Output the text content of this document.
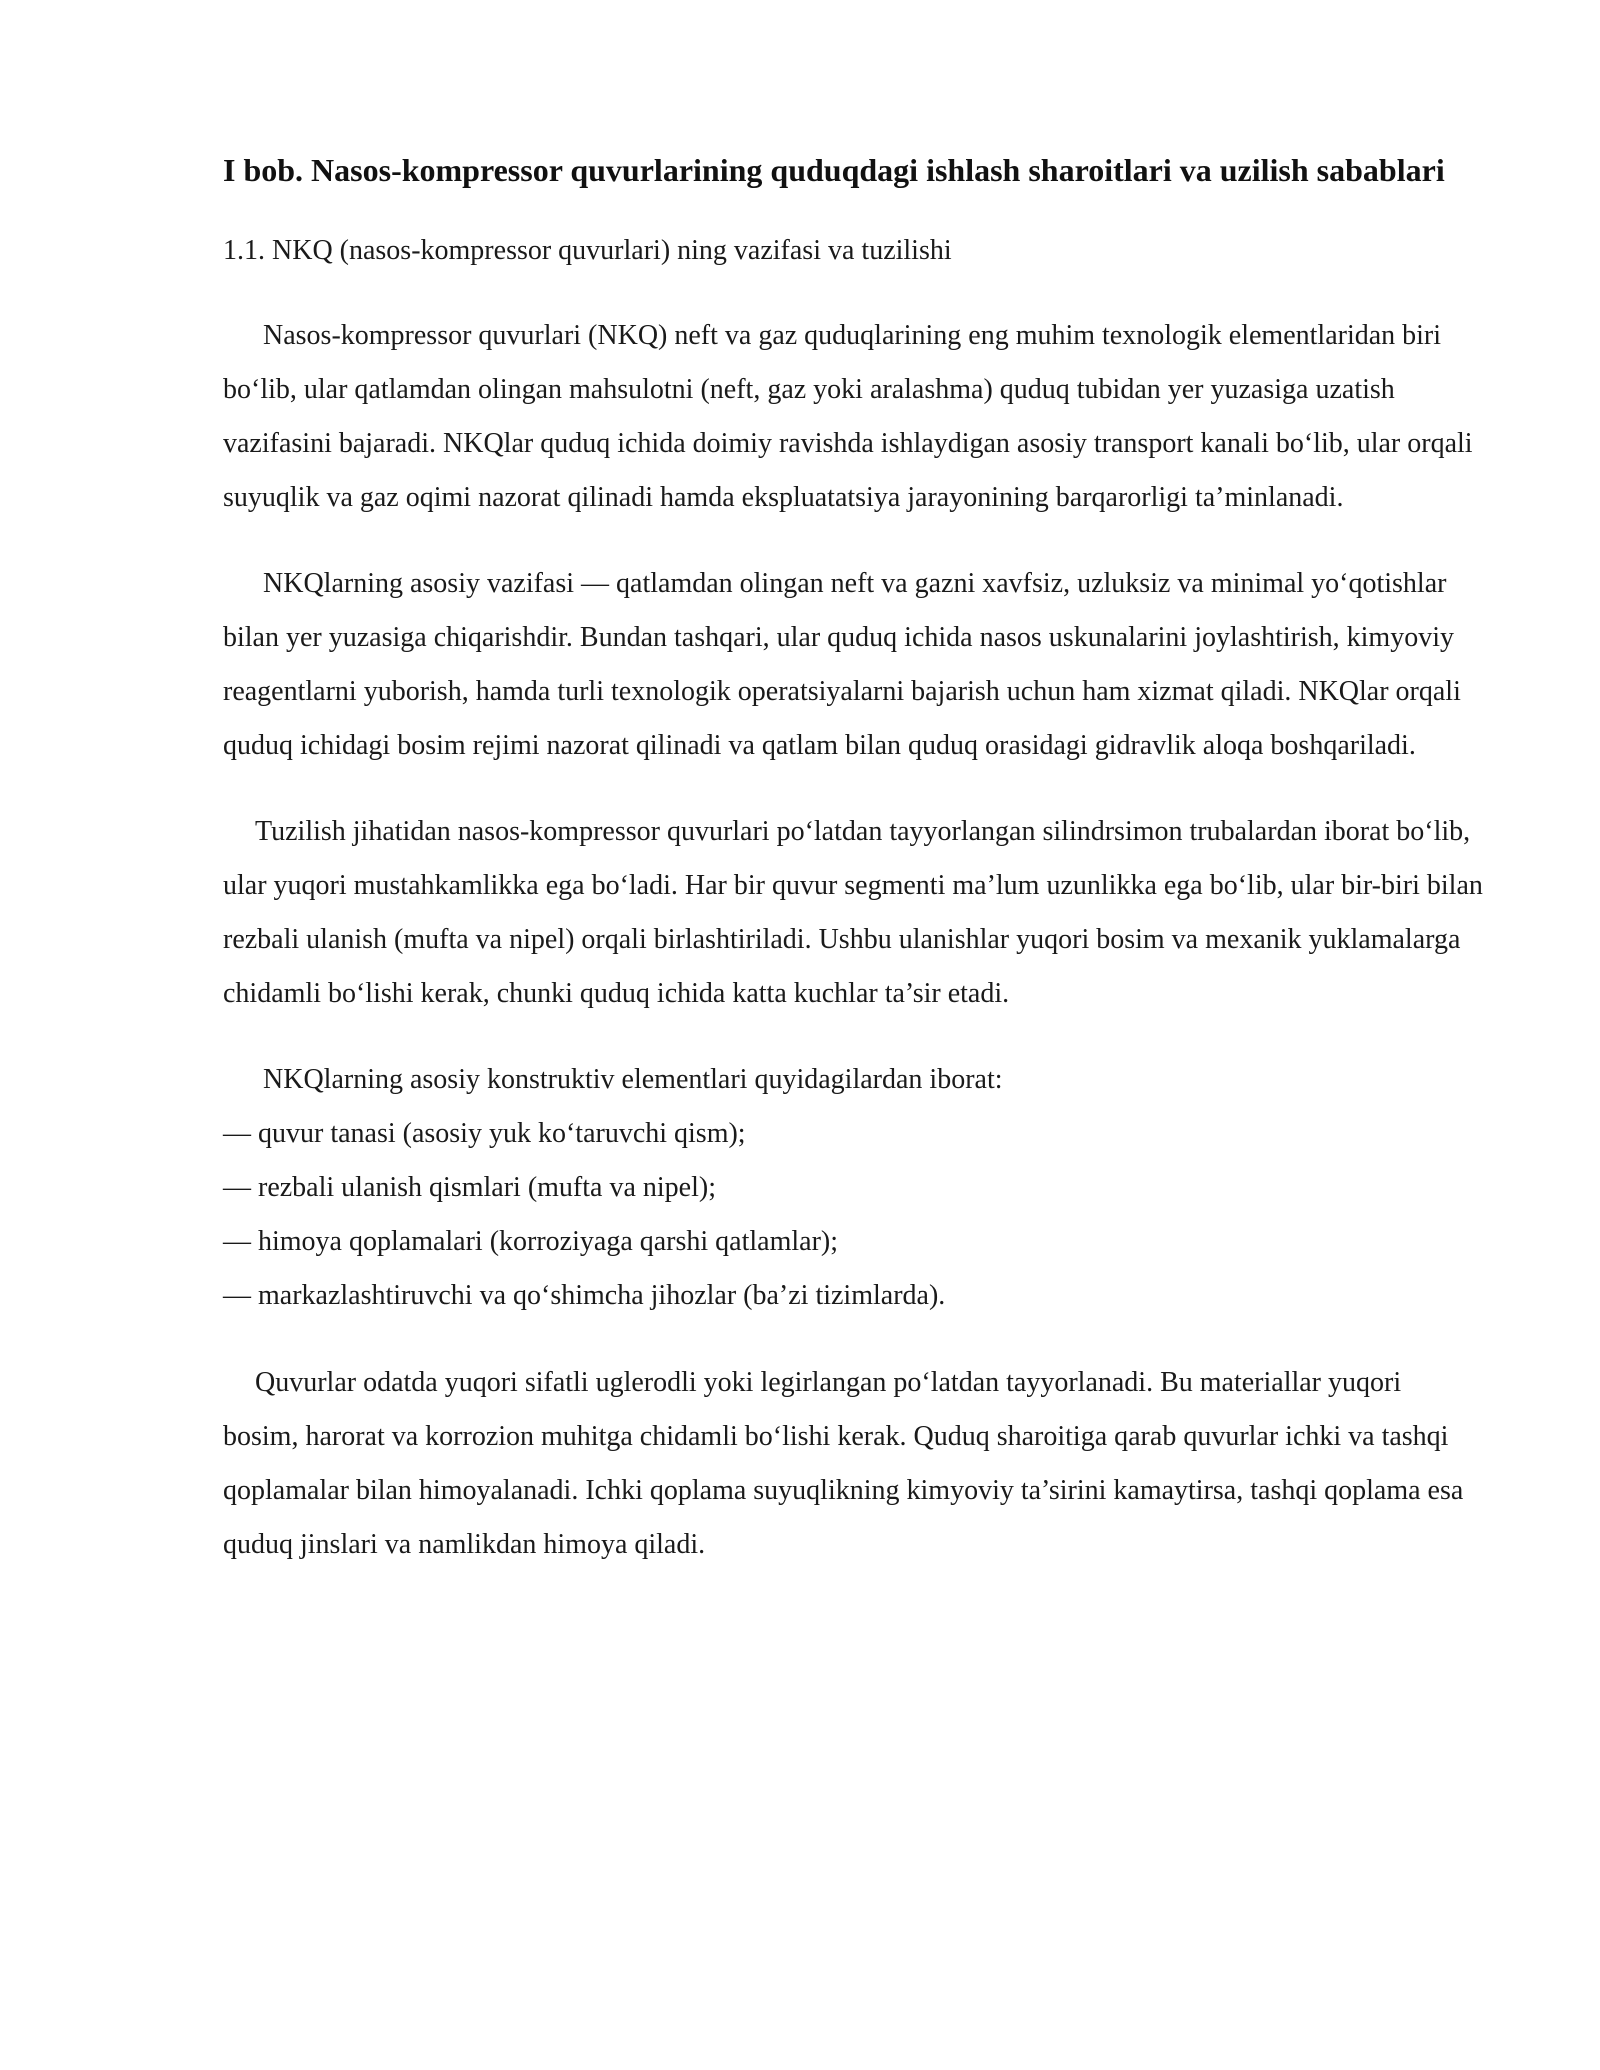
I bob. Nasos-kompressor quvurlarining quduqdagi ishlash sharoitlari va uzilish sabablari

1.1. NKQ (nasos-kompressor quvurlari) ning vazifasi va tuzilishi

Nasos-kompressor quvurlari (NKQ) neft va gaz quduqlarining eng muhim texnologik elementlaridan biri bo‘lib, ular qatlamdan olingan mahsulotni (neft, gaz yoki aralashma) quduq tubidan yer yuzasiga uzatish vazifasini bajaradi. NKQlar quduq ichida doimiy ravishda ishlaydigan asosiy transport kanali bo‘lib, ular orqali suyuqlik va gaz oqimi nazorat qilinadi hamda ekspluatatsiya jarayonining barqarorligi ta’minlanadi.

NKQlarning asosiy vazifasi — qatlamdan olingan neft va gazni xavfsiz, uzluksiz va minimal yo‘qotishlar bilan yer yuzasiga chiqarishdir. Bundan tashqari, ular quduq ichida nasos uskunalarini joylashtirish, kimyoviy reagentlarni yuborish, hamda turli texnologik operatsiyalarni bajarish uchun ham xizmat qiladi. NKQlar orqali quduq ichidagi bosim rejimi nazorat qilinadi va qatlam bilan quduq orasidagi gidravlik aloqa boshqariladi.

Tuzilish jihatidan nasos-kompressor quvurlari po‘latdan tayyorlangan silindrsimon trubalardan iborat bo‘lib, ular yuqori mustahkamlikka ega bo‘ladi. Har bir quvur segmenti ma’lum uzunlikka ega bo‘lib, ular bir-biri bilan rezbali ulanish (mufta va nipel) orqali birlashtiriladi. Ushbu ulanishlar yuqori bosim va mexanik yuklamalarga chidamli bo‘lishi kerak, chunki quduq ichida katta kuchlar ta’sir etadi.

NKQlarning asosiy konstruktiv elementlari quyidagilardan iborat:

— quvur tanasi (asosiy yuk ko‘taruvchi qism);
— rezbali ulanish qismlari (mufta va nipel);
— himoya qoplamalari (korroziyaga qarshi qatlamlar);
— markazlashtiruvchi va qo‘shimcha jihozlar (ba’zi tizimlarda).

Quvurlar odatda yuqori sifatli uglerodli yoki legirlangan po‘latdan tayyorlanadi. Bu materiallar yuqori bosim, harorat va korrozion muhitga chidamli bo‘lishi kerak. Quduq sharoitiga qarab quvurlar ichki va tashqi qoplamalar bilan himoyalanadi. Ichki qoplama suyuqlikning kimyoviy ta’sirini kamaytirsa, tashqi qoplama esa quduq jinslari va namlikdan himoya qiladi.
